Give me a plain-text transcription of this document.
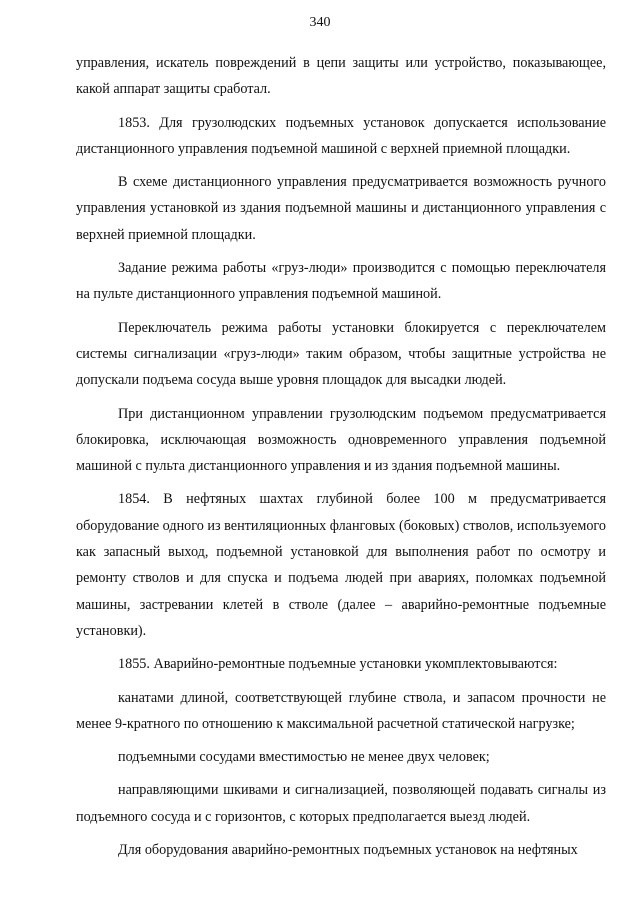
340

управления, искатель повреждений в цепи защиты или устройство, показывающее, какой аппарат защиты сработал.

1853. Для грузолюдских подъемных установок допускается использование дистанционного управления подъемной машиной с верхней приемной площадки.

В схеме дистанционного управления предусматривается возможность ручного управления установкой из здания подъемной машины и дистанционного управления с верхней приемной площадки.

Задание режима работы «груз-люди» производится с помощью переключателя на пульте дистанционного управления подъемной машиной.

Переключатель режима работы установки блокируется с переключателем системы сигнализации «груз-люди» таким образом, чтобы защитные устройства не допускали подъема сосуда выше уровня площадок для высадки людей.

При дистанционном управлении грузолюдским подъемом предусматривается блокировка, исключающая возможность одновременного управления подъемной машиной с пульта дистанционного управления и из здания подъемной машины.

1854. В нефтяных шахтах глубиной более 100 м предусматривается оборудование одного из вентиляционных фланговых (боковых) стволов, используемого как запасный выход, подъемной установкой для выполнения работ по осмотру и ремонту стволов и для спуска и подъема людей при авариях, поломках подъемной машины, застревании клетей в стволе (далее – аварийно-ремонтные подъемные установки).

1855. Аварийно-ремонтные подъемные установки укомплектовываются:

канатами длиной, соответствующей глубине ствола, и запасом прочности не менее 9-кратного по отношению к максимальной расчетной статической нагрузке;

подъемными сосудами вместимостью не менее двух человек;

направляющими шкивами и сигнализацией, позволяющей подавать сигналы из подъемного сосуда и с горизонтов, с которых предполагается выезд людей.

Для оборудования аварийно-ремонтных подъемных установок на нефтяных
